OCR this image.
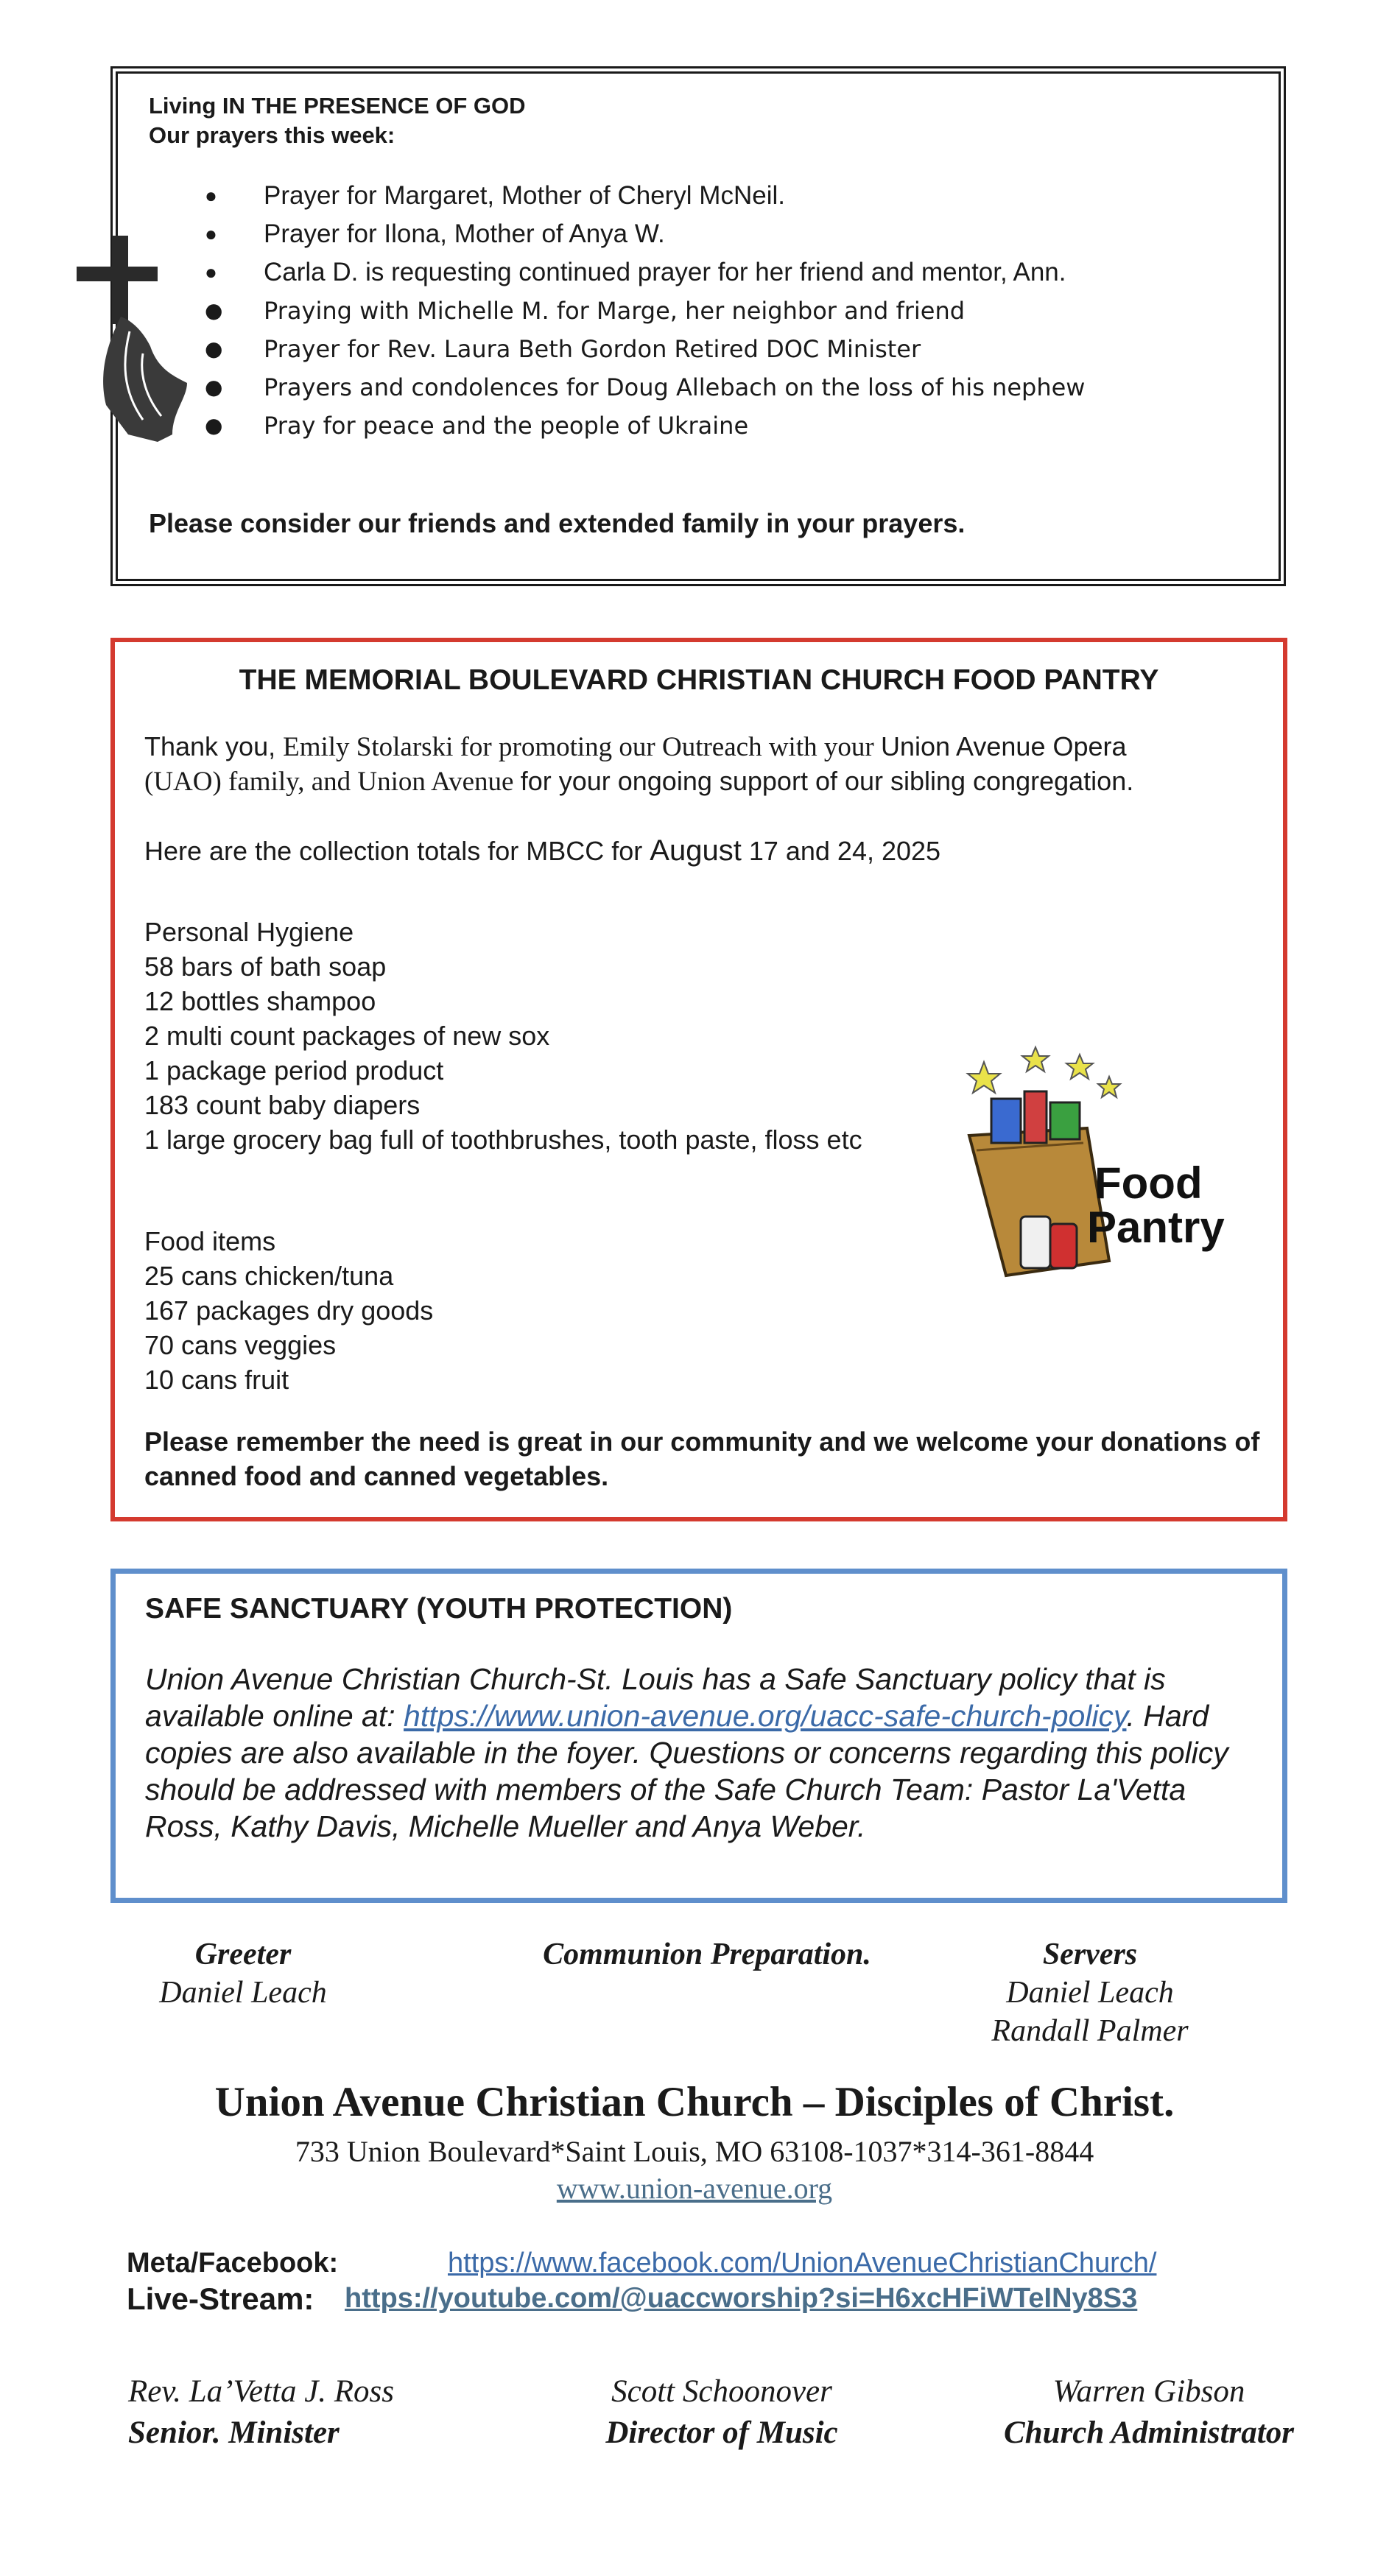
Living IN THE PRESENCE OF GOD
Our prayers this week:
● Prayer for Margaret, Mother of Cheryl McNeil.
● Prayer for Ilona, Mother of Anya W.
● Carla D. is requesting continued prayer for her friend and mentor, Ann.
● Praying with Michelle M. for Marge, her neighbor and friend
● Prayer for Rev. Laura Beth Gordon Retired DOC Minister
● Prayers and condolences for Doug Allebach on the loss of his nephew
● Pray for peace and the people of Ukraine
Please consider our friends and extended family in your prayers.
THE MEMORIAL BOULEVARD CHRISTIAN CHURCH FOOD PANTRY
Thank you, Emily Stolarski for promoting our Outreach with your Union Avenue Opera
(UAO) family, and Union Avenue for your ongoing support of our sibling congregation.
Here are the collection totals for MBCC for August 17 and 24, 2025
Personal Hygiene
58 bars of bath soap
12 bottles shampoo
2 multi count packages of new sox
1 package period product
183 count baby diapers
1 large grocery bag full of toothbrushes, tooth paste, floss etc
Food items
25 cans chicken/tuna
167 packages dry goods
70 cans veggies
10 cans fruit
Please remember the need is great in our community and we welcome your donations of canned food and canned vegetables.
Food
Pantry
SAFE SANCTUARY (YOUTH PROTECTION)
Union Avenue Christian Church-St. Louis has a Safe Sanctuary policy that is available online at: https://www.union-avenue.org/uacc-safe-church-policy. Hard copies are also available in the foyer. Questions or concerns regarding this policy should be addressed with members of the Safe Church Team: Pastor La'Vetta Ross, Kathy Davis, Michelle Mueller and Anya Weber.
Greeter
Daniel Leach
Communion Preparation.	Servers
Daniel Leach
Randall Palmer
Union Avenue Christian Church – Disciples of Christ.
733 Union Boulevard*Saint Louis, MO 63108-1037*314-361-8844
www.union-avenue.org
Meta/Facebook:	https://www.facebook.com/UnionAvenueChristianChurch/
Live-Stream: https://youtube.com/@uaccworship?si=H6xcHFiWTeINy8S3
Rev. La’Vetta J. Ross
Senior. Minister
Scott Schoonover
Director of Music
Warren Gibson
Church Administrator
